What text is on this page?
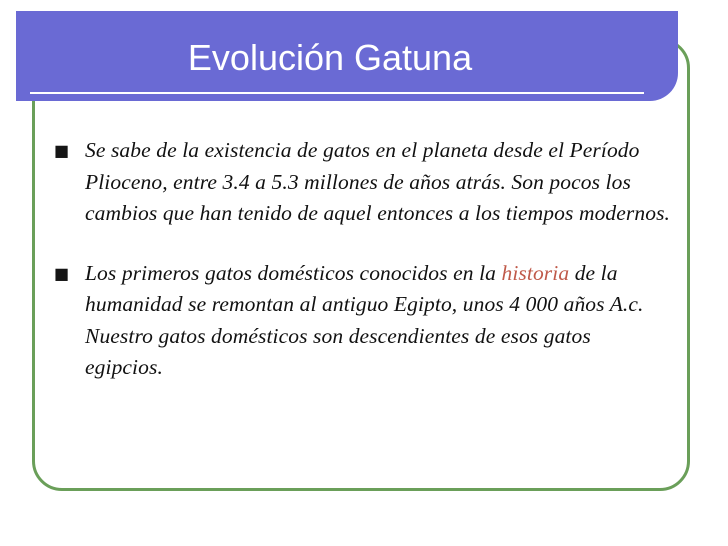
Evolución Gatuna
■ Se sabe de la existencia de gatos en el planeta desde el Período Plioceno, entre 3.4 a 5.3 millones de años atrás. Son pocos los cambios que han tenido de aquel entonces a los tiempos modernos.
■ Los primeros gatos domésticos conocidos en la historia de la humanidad se remontan al antiguo Egipto, unos 4 000 años A.c. Nuestro gatos domésticos son descendientes de esos gatos egipcios.
